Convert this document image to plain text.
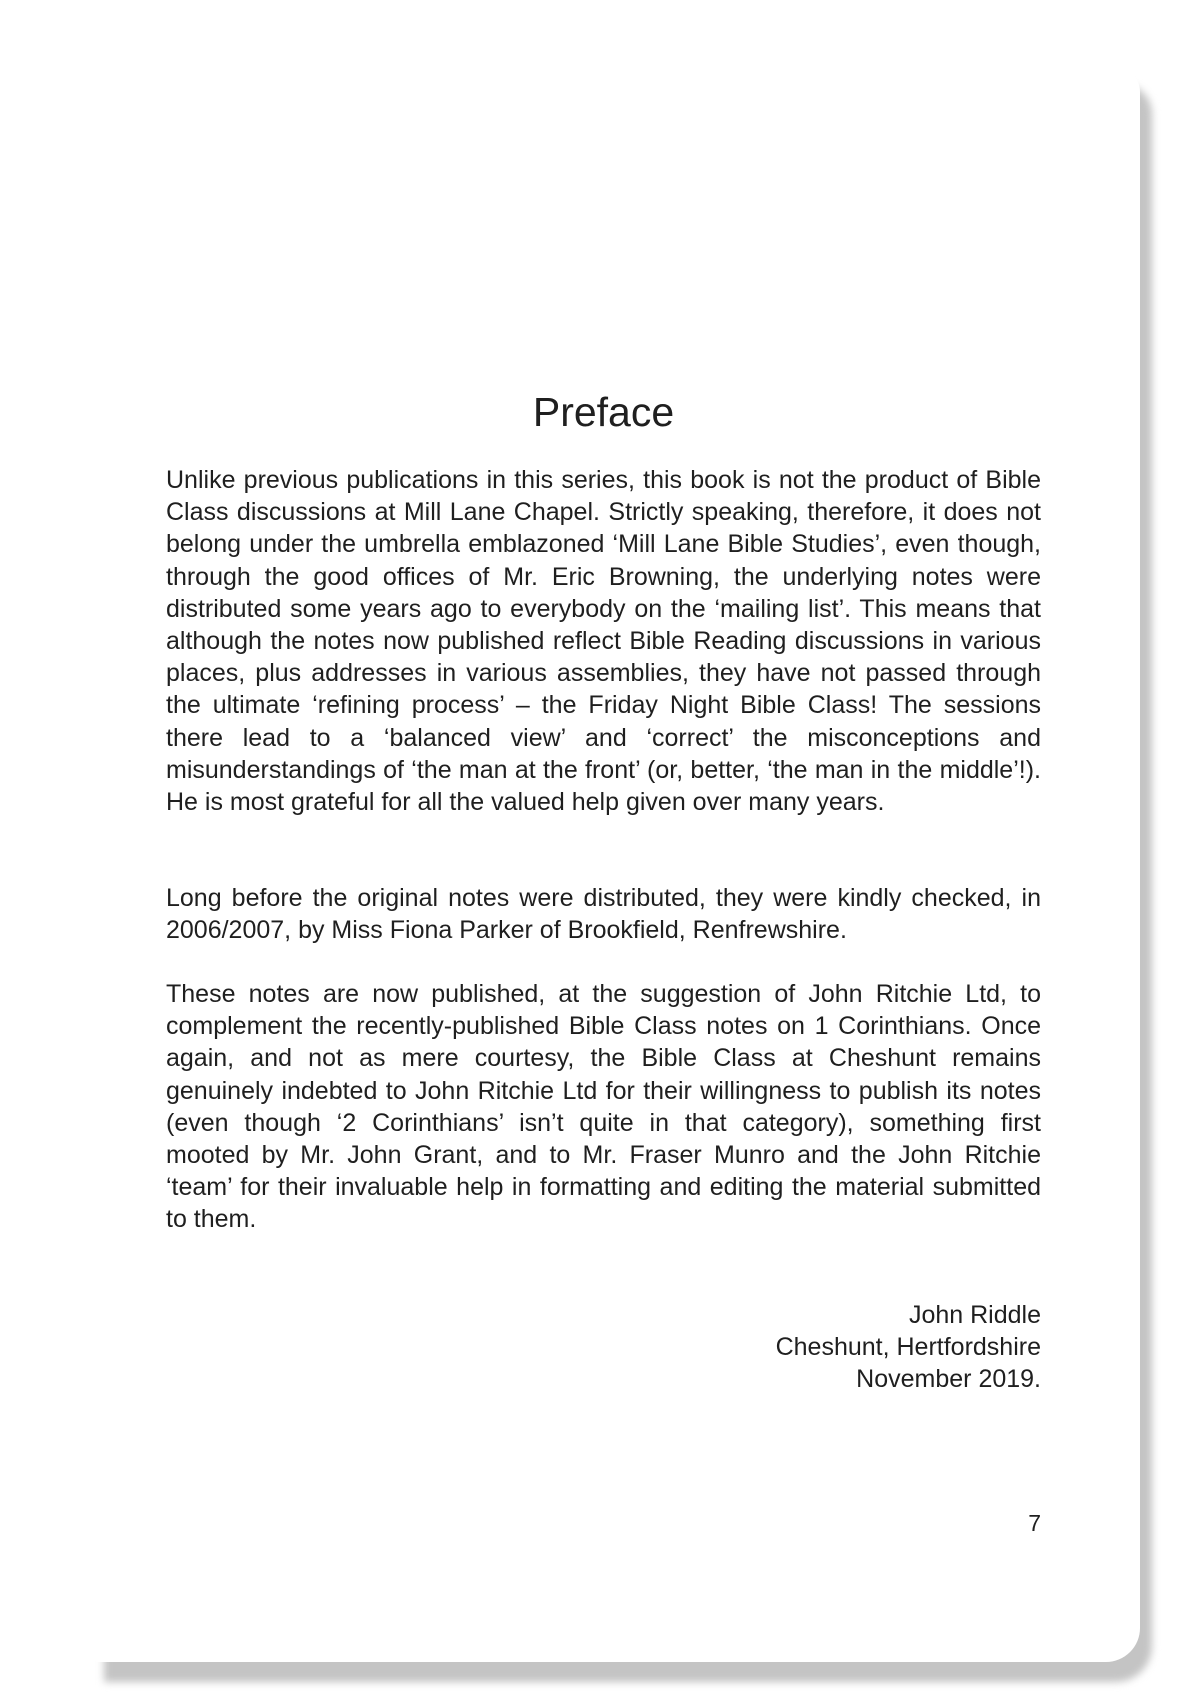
Preface

Unlike previous publications in this series, this book is not the product of Bible Class discussions at Mill Lane Chapel. Strictly speaking, therefore, it does not belong under the umbrella emblazoned ‘Mill Lane Bible Studies’, even though, through the good offices of Mr. Eric Browning, the underlying notes were distributed some years ago to everybody on the ‘mailing list’. This means that although the notes now published reflect Bible Reading discussions in various places, plus addresses in various assemblies, they have not passed through the ultimate ‘refining process’ – the Friday Night Bible Class! The sessions there lead to a ‘balanced view’ and ‘correct’ the misconceptions and misunderstandings of ‘the man at the front’ (or, better, ‘the man in the middle’!). He is most grateful for all the valued help given over many years.

Long before the original notes were distributed, they were kindly checked, in 2006/2007, by Miss Fiona Parker of Brookfield, Renfrewshire.

These notes are now published, at the suggestion of John Ritchie Ltd, to complement the recently-published Bible Class notes on 1 Corinthians. Once again, and not as mere courtesy, the Bible Class at Cheshunt remains genuinely indebted to John Ritchie Ltd for their willingness to publish its notes (even though ‘2 Corinthians’ isn’t quite in that category), something first mooted by Mr. John Grant, and to Mr. Fraser Munro and the John Ritchie ‘team’ for their invaluable help in formatting and editing the material submitted to them.

John Riddle
Cheshunt, Hertfordshire
November 2019.
7
